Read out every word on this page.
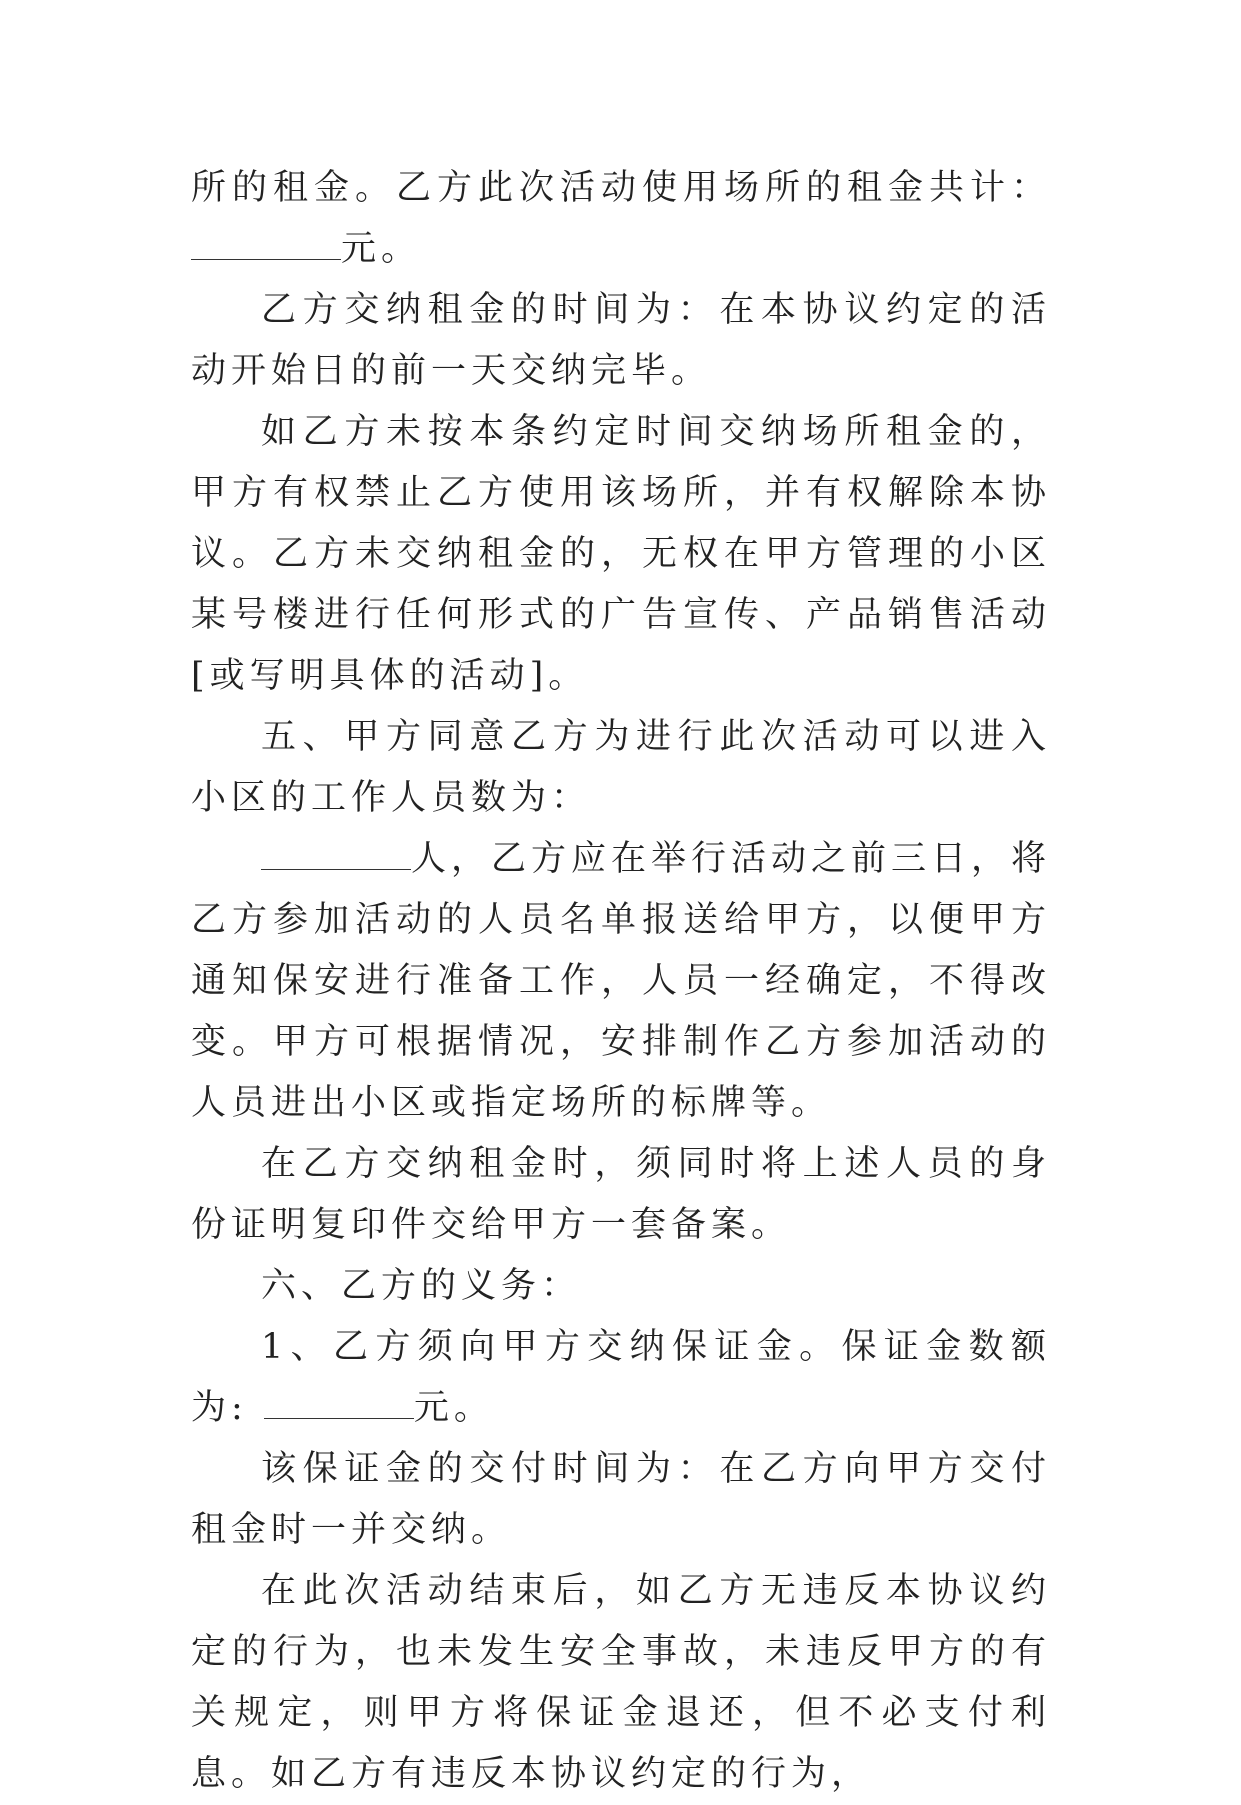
所的租金。乙方此次活动使用场所的租金共计：元。

乙方交纳租金的时间为：在本协议约定的活动开始日的前一天交纳完毕。

如乙方未按本条约定时间交纳场所租金的，甲方有权禁止乙方使用该场所，并有权解除本协议。乙方未交纳租金的，无权在甲方管理的小区某号楼进行任何形式的广告宣传、产品销售活动[或写明具体的活动]。

五、甲方同意乙方为进行此次活动可以进入小区的工作人员数为：

人，乙方应在举行活动之前三日，将乙方参加活动的人员名单报送给甲方，以便甲方通知保安进行准备工作，人员一经确定，不得改变。甲方可根据情况，安排制作乙方参加活动的人员进出小区或指定场所的标牌等。

在乙方交纳租金时，须同时将上述人员的身份证明复印件交给甲方一套备案。

六、乙方的义务：

1、乙方须向甲方交纳保证金。保证金数额为:	元。

该保证金的交付时间为：在乙方向甲方交付租金时一并交纳。

在此次活动结束后，如乙方无违反本协议约定的行为，也未发生安全事故，未违反甲方的有关规定，则甲方将保证金退还，但不必支付利息。如乙方有违反本协议约定的行为，
